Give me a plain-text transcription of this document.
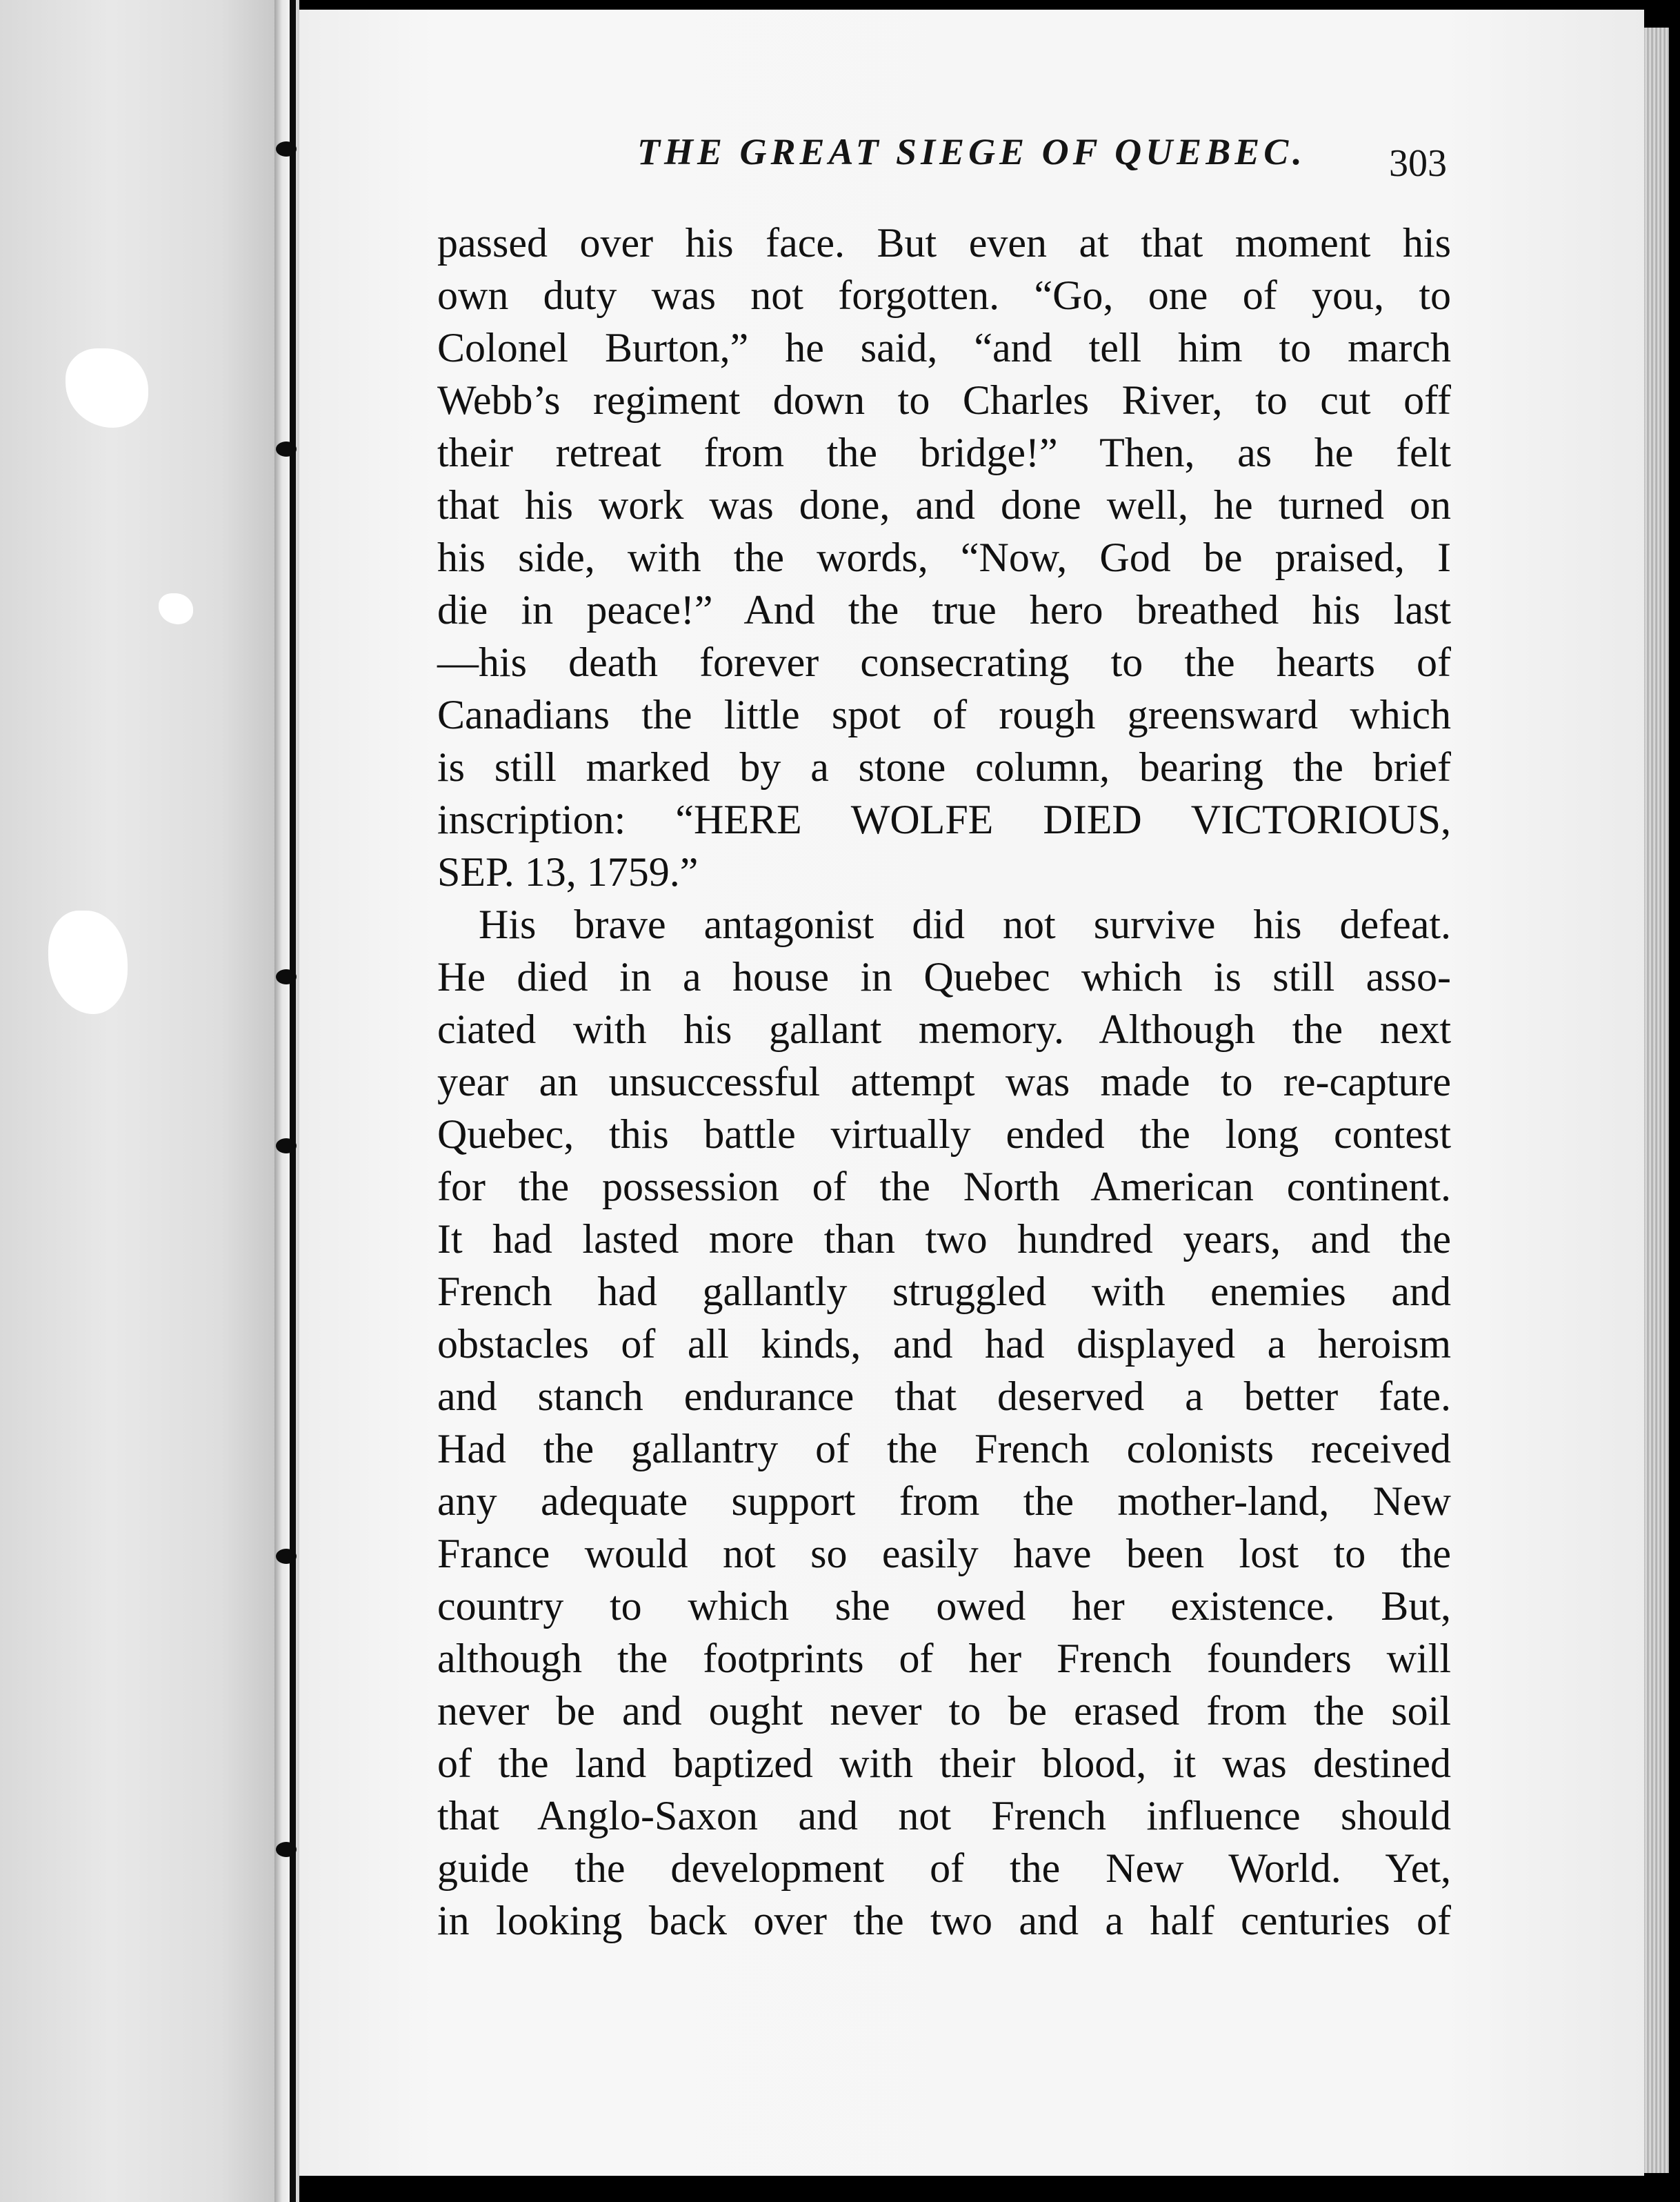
THE GREAT SIEGE OF QUEBEC. 303
passed over his face. But even at that moment his
own duty was not forgotten. “Go, one of you, to
Colonel Burton,” he said, “and tell him to march
Webb’s regiment down to Charles River, to cut off
their retreat from the bridge!” Then, as he felt
that his work was done, and done well, he turned on
his side, with the words, “Now, God be praised, I
die in peace!” And the true hero breathed his last
—his death forever consecrating to the hearts of
Canadians the little spot of rough greensward which
is still marked by a stone column, bearing the brief
inscription: “HERE WOLFE DIED VICTORIOUS,
SEP. 13, 1759.”
His brave antagonist did not survive his defeat.
He died in a house in Quebec which is still asso-
ciated with his gallant memory. Although the next
year an unsuccessful attempt was made to re-capture
Quebec, this battle virtually ended the long contest
for the possession of the North American continent.
It had lasted more than two hundred years, and the
French had gallantly struggled with enemies and
obstacles of all kinds, and had displayed a heroism
and stanch endurance that deserved a better fate.
Had the gallantry of the French colonists received
any adequate support from the mother-land, New
France would not so easily have been lost to the
country to which she owed her existence. But,
although the footprints of her French founders will
never be and ought never to be erased from the soil
of the land baptized with their blood, it was destined
that Anglo-Saxon and not French influence should
guide the development of the New World. Yet,
in looking back over the two and a half centuries of
